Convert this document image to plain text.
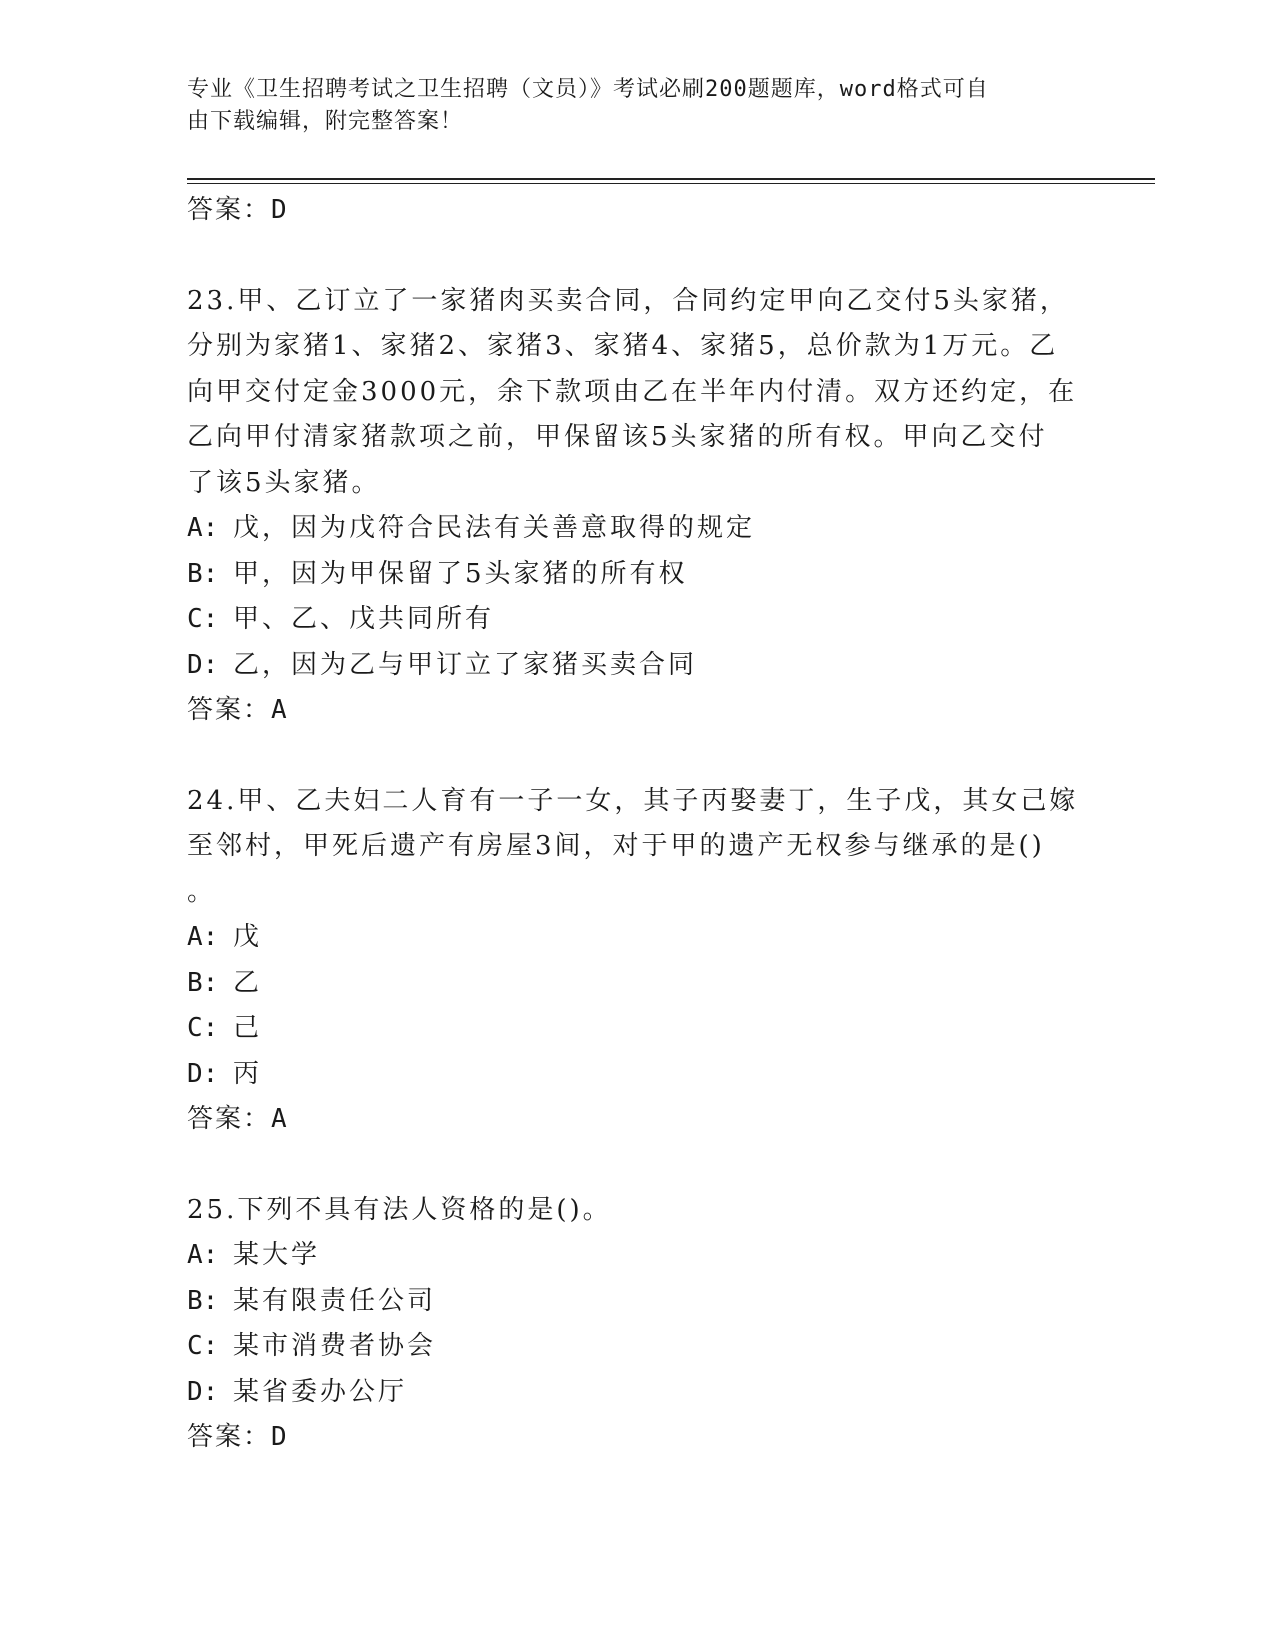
专业《卫生招聘考试之卫生招聘（文员）》考试必刷200题题库，word格式可自
由下载编辑，附完整答案！
答案：D
23.甲、乙订立了一家猪肉买卖合同，合同约定甲向乙交付5头家猪，
分别为家猪1、家猪2、家猪3、家猪4、家猪5，总价款为1万元。乙
向甲交付定金3000元，余下款项由乙在半年内付清。双方还约定，在
乙向甲付清家猪款项之前，甲保留该5头家猪的所有权。甲向乙交付
了该5头家猪。
A: 戊，因为戊符合民法有关善意取得的规定
B: 甲，因为甲保留了5头家猪的所有权
C: 甲、乙、戊共同所有
D: 乙，因为乙与甲订立了家猪买卖合同
答案：A
24.甲、乙夫妇二人育有一子一女，其子丙娶妻丁，生子戊，其女己嫁
至邻村，甲死后遗产有房屋3间，对于甲的遗产无权参与继承的是()
。
A: 戊
B: 乙
C: 己
D: 丙
答案：A
25.下列不具有法人资格的是()。
A: 某大学
B: 某有限责任公司
C: 某市消费者协会
D: 某省委办公厅
答案：D
